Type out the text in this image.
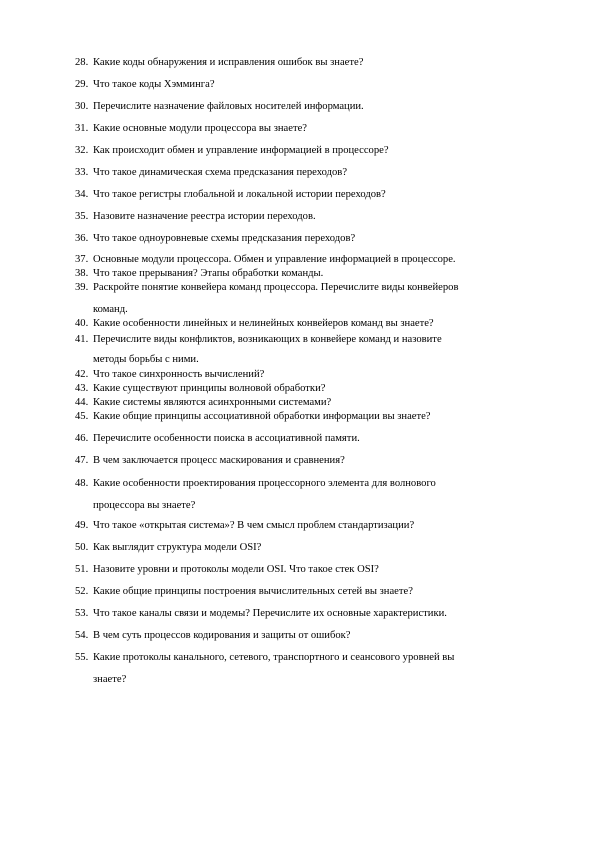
28. Какие коды обнаружения и исправления ошибок вы знаете?
29. Что такое коды Хэмминга?
30. Перечислите назначение файловых носителей информации.
31. Какие основные модули процессора вы знаете?
32. Как происходит обмен и управление информацией в процессоре?
33. Что такое динамическая схема предсказания переходов?
34. Что такое регистры глобальной и локальной истории переходов?
35. Назовите назначение реестра истории переходов.
36. Что такое одноуровневые схемы предсказания переходов?
37. Основные модули процессора. Обмен и управление информацией в процессоре.
38. Что такое прерывания? Этапы обработки команды.
39. Раскройте понятие конвейера команд процессора. Перечислите виды конвейеров
команд.
40. Какие особенности линейных и нелинейных конвейеров команд вы знаете?
41. Перечислите виды конфликтов, возникающих в конвейере команд и назовите
методы борьбы с ними.
42. Что такое синхронность вычислений?
43. Какие существуют принципы волновой обработки?
44. Какие системы являются асинхронными системами?
45. Какие общие принципы ассоциативной обработки информации вы знаете?
46. Перечислите особенности поиска в ассоциативной памяти.
47. В чем заключается процесс маскирования и сравнения?
48. Какие особенности проектирования процессорного элемента для волнового
процессора вы знаете?
49. Что такое «открытая система»? В чем смысл проблем стандартизации?
50. Как выглядит структура модели OSI?
51. Назовите уровни и протоколы модели OSI. Что такое стек OSI?
52. Какие общие принципы построения вычислительных сетей вы знаете?
53. Что такое каналы связи и модемы? Перечислите их основные характеристики.
54. В чем суть процессов кодирования и защиты от ошибок?
55. Какие протоколы канального, сетевого, транспортного и сеансового уровней вы
знаете?
